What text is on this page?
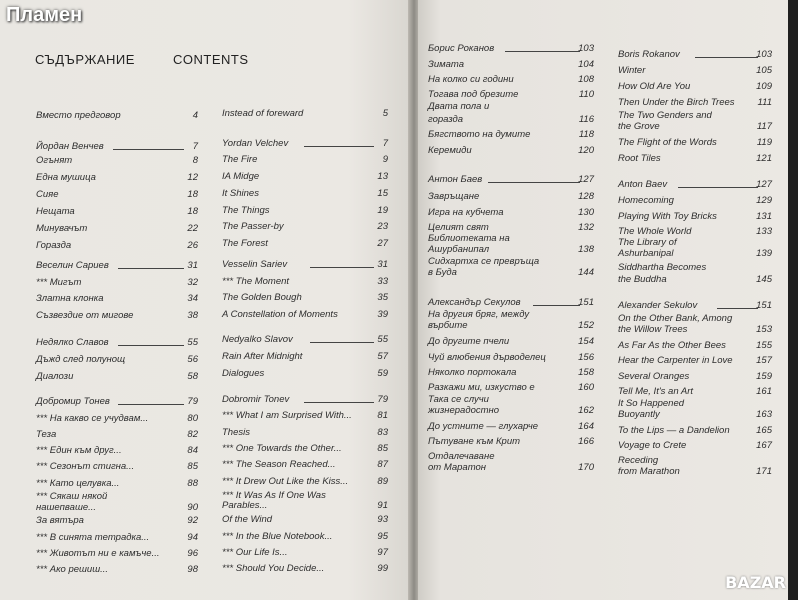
Пламен
СЪДЪРЖАНИЕ	CONTENTS
Вместо предговор	4
Йордан Венчев	7
Огънят	8
Една мушица	12
Сияе	18
Нещата	18
Минувачът	22
Горазда	26
Веселин Сариев	31
*** Мигът	32
Златна клонка	34
Съзвездие от мигове	38
Недялко Славов	55
Дъжд след полунощ	56
Диалози	58
Добромир Тонев	79
*** На какво се учудвам...	80
Теза	82
*** Един към друг...	84
*** Сезонът стигна...	85
*** Като целувка...	88
*** Сякаш някой
нашепваше...	90
За вятъра	92
*** В синята тетрадка...	94
*** Животът ни е камъче...	96
*** Ако решиш...	98
Instead of foreward	5
Yordan Velchev	7
The Fire	9
IA Midge	13
It Shines	15
The Things	19
The Passer-by	23
The Forest	27
Vesselin Sariev	31
*** The Moment	33
The Golden Bough	35
A Constellation of Moments	39
Nedyalko Slavov	55
Rain After Midnight	57
Dialogues	59
Dobromir Tonev	79
*** What I am Surprised With...	81
Thesis	83
*** One Towards the Other...	85
*** The Season Reached...	87
*** It Drew Out Like the Kiss...	89
*** It Was As If One Was
Parables...	91
Of the Wind	93
*** In the Blue Notebook...	95
*** Our Life Is...	97
*** Should You Decide...	99
Борис Роканов	103
Зимата	104
На колко си години	108
Тогава под брезите	110
Двата пола и
горазда	116
Бягството на думите	118
Керемиди	120
Антон Баев	127
Завръщане	128
Игра на кубчета	130
Целият свят	132
Библиотеката на
Ашурбанипал	138
Сидхартха се превръща
в Буда	144
Александър Секулов	151
На другия бряг, между
върбите	152
До другите пчели	154
Чуй влюбения дърводелец	156
Няколко портокала	158
Разкажи ми, изкуство е	160
Така се случи
жизнерадостно	162
До устните — глухарче	164
Пътуване към Крит	166
Отдалечаване
от Маратон	170
Boris Rokanov	103
Winter	105
How Old Are You	109
Then Under the Birch Trees 111
The Two Genders and
the Grove	117
The Flight of the Words	119
Root Tiles	121
Anton Baev	127
Homecoming	129
Playing With Toy Bricks	131
The Whole World	133
The Library of
Ashurbanipal	139
Siddhartha Becomes
the Buddha	145
Alexander Sekulov	151
On the Other Bank, Among
the Willow Trees	153
As Far As the Other Bees	155
Hear the Carpenter in Love 157
Several Oranges	159
Tell Me, It's an Art	161
It So Happened
Buoyantly	163
To the Lips — a Dandelion	165
Voyage to Crete	167
Receding
from Marathon	171
BAZAR
